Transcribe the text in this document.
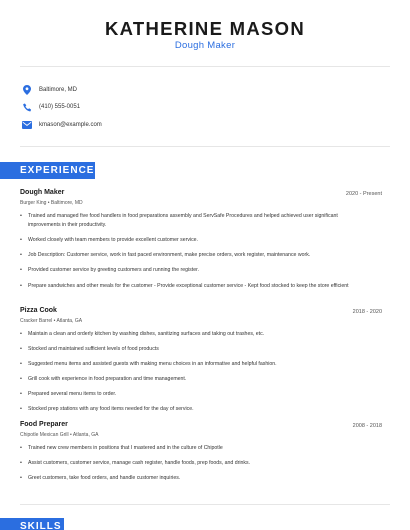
KATHERINE MASON
Dough Maker
Baltimore, MD
(410) 555-0051
kmason@example.com
EXPERIENCE
Dough Maker	2020 - Present
Burger King • Baltimore, MD
•	Trained and managed five food handlers in food preparations assembly and ServSafe Procedures and helped achieved user significant improvements in their productivity.
•	Worked closely with team members to provide excellent customer service.
•	Job Description: Customer service, work in fast paced environment, make precise orders, work register, maintenance work.
•	Provided customer service by greeting customers and running the register.
•	Prepare sandwiches and other meals for the customer - Provide exceptional customer service - Kept food stocked to keep the store efficient
Pizza Cook	2018 - 2020
Cracker Barrel • Atlanta, GA
•	Maintain a clean and orderly kitchen by washing dishes, sanitizing surfaces and taking out trashes, etc.
•	Stocked and maintained sufficient levels of food products
•	Suggested menu items and assisted guests with making menu choices in an informative and helpful fashion.
•	Grill cook with experience in food preparation and time management.
•	Prepared several menu items to order.
•	Stocked prep stations with any food items needed for the day of service.
Food Preparer	2008 - 2018
Chipotle Mexican Grill • Atlanta, GA
•	Trained new crew members in positions that I mastered and in the culture of Chipotle
•	Assist customers, customer service, manage cash register, handle foods, prep foods, and drinks.
•	Greet customers, take food orders, and handle customer inquiries.
SKILLS
